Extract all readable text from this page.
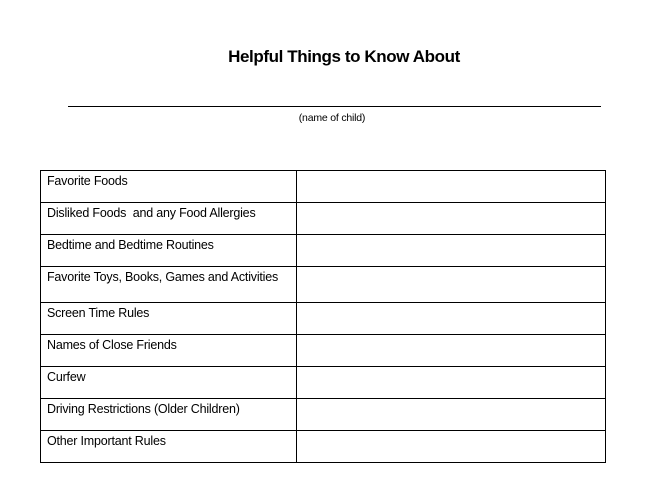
Helpful Things to Know About
(name of child)
Favorite Foods	
Disliked Foods  and any Food Allergies	
Bedtime and Bedtime Routines	
Favorite Toys, Books, Games and Activities	
Screen Time Rules	
Names of Close Friends	
Curfew	
Driving Restrictions (Older Children)	
Other Important Rules	
